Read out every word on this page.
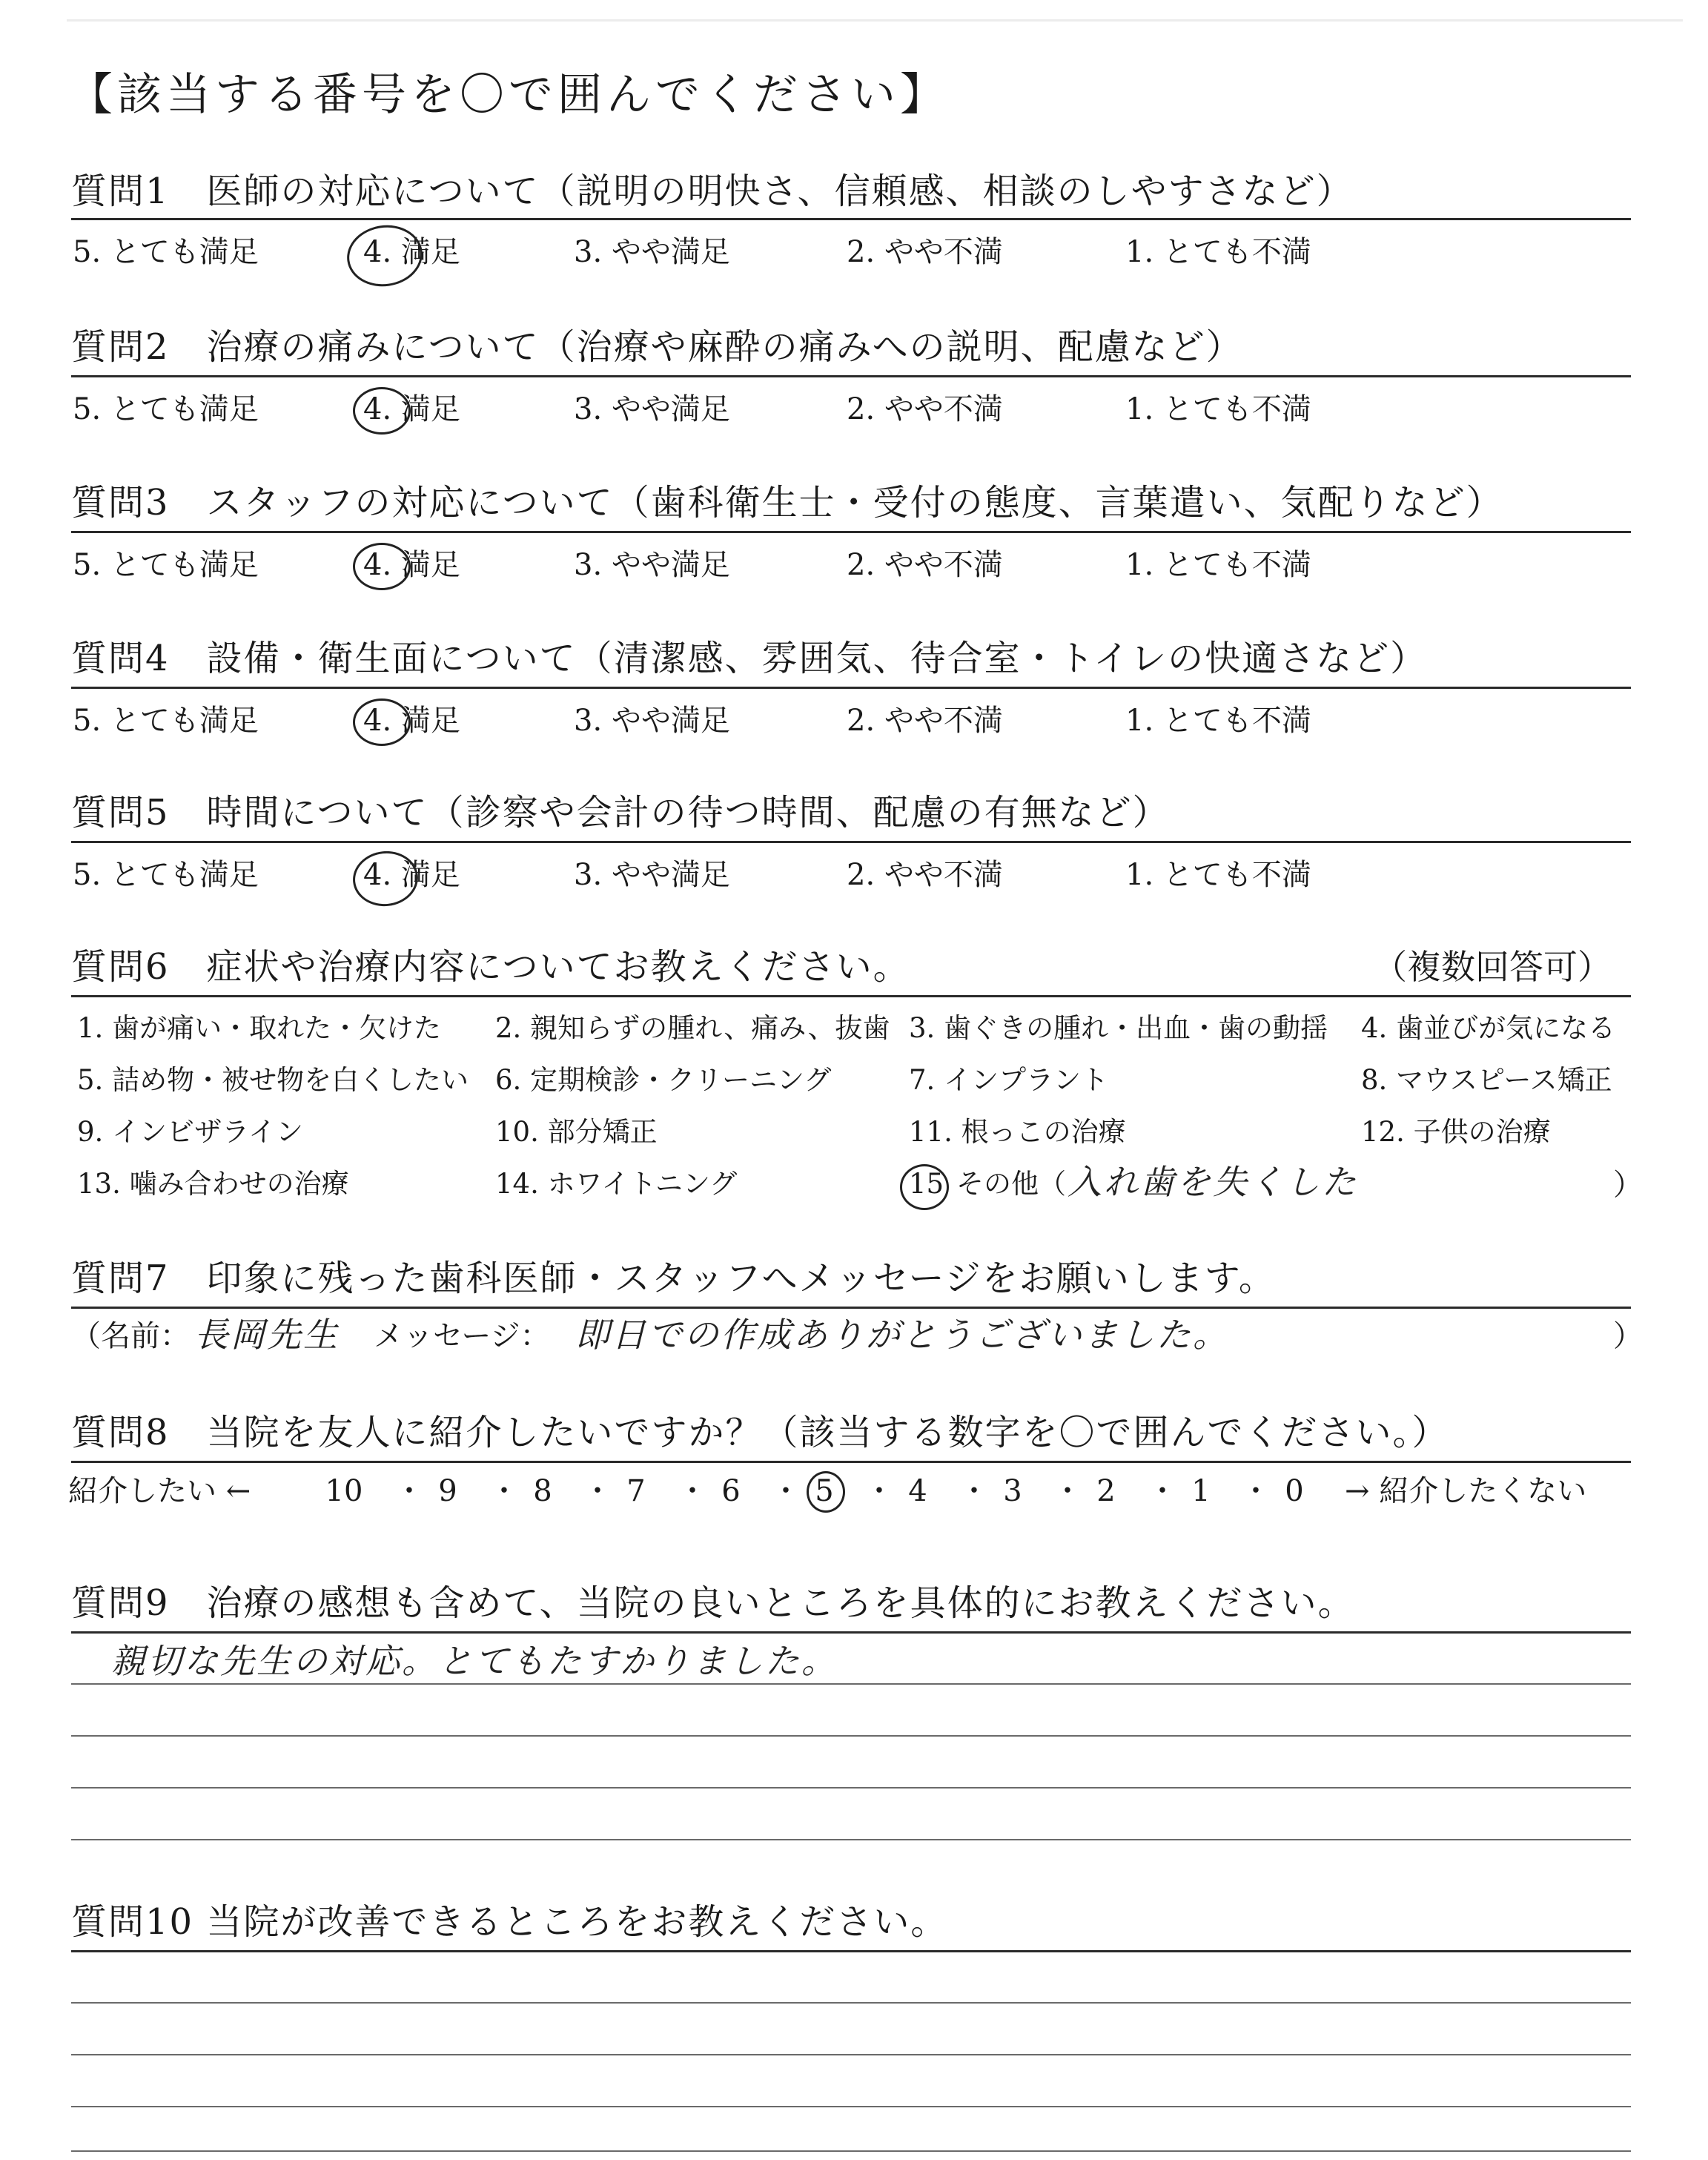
【該当する番号を〇で囲んでください】
質問1　医師の対応について（説明の明快さ、信頼感、相談のしやすさなど）
5. とても満足	4. 満足	3. やや満足	2. やや不満	1. とても不満
質問2　治療の痛みについて（治療や麻酔の痛みへの説明、配慮など）
5. とても満足	4. 満足	3. やや満足	2. やや不満	1. とても不満
質問3　スタッフの対応について（歯科衛生士・受付の態度、言葉遣い、気配りなど）
5. とても満足	4. 満足	3. やや満足	2. やや不満	1. とても不満
質問4　設備・衛生面について（清潔感、雰囲気、待合室・トイレの快適さなど）
5. とても満足	4. 満足	3. やや満足	2. やや不満	1. とても不満
質問5　時間について（診察や会計の待つ時間、配慮の有無など）
5. とても満足	4. 満足	3. やや満足	2. やや不満	1. とても不満
質問6　症状や治療内容についてお教えください。	（複数回答可）
1. 歯が痛い・取れた・欠けた 2. 親知らずの腫れ、痛み、抜歯 3. 歯ぐきの腫れ・出血・歯の動揺 4. 歯並びが気になる
5. 詰め物・被せ物を白くしたい 6. 定期検診・クリーニング	7. インプラント	8. マウスピース矯正
9. インビザライン	10. 部分矯正	11. 根っこの治療	12. 子供の治療
13. 噛み合わせの治療	14. ホワイトニング	15 その他（ 入れ歯を失くした	）
質問7　印象に残った歯科医師・スタッフへメッセージをお願いします。
（名前： 長岡先生 メッセージ： 即日での作成ありがとうございました。	）
質問8　当院を友人に紹介したいですか？（該当する数字を〇で囲んでください。）
紹介したい ←	10 ・ 9	・ 8	・ 7	・ 6	・ 5	・ 4	・ 3	・ 2	・ 1	・ 0	→ 紹介したくない
質問9　治療の感想も含めて、当院の良いところを具体的にお教えください。
親切な先生の対応。とてもたすかりました。
質問10 当院が改善できるところをお教えください。
